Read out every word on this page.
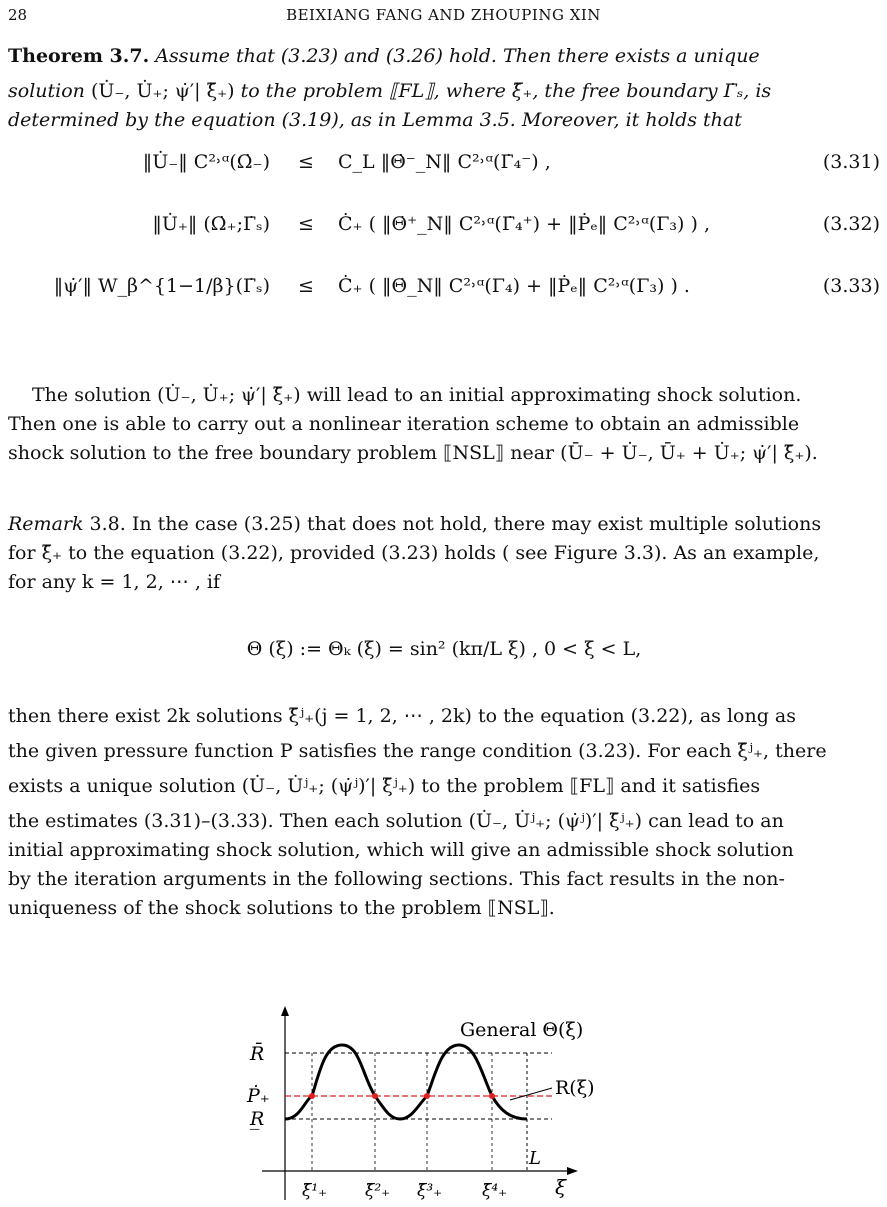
28	BEIXIANG FANG AND ZHOUPING XIN
Theorem 3.7. Assume that (3.23) and (3.26) hold. Then there exists a unique
solution (U̇₋, U̇₊; ψ̇′| ξ̄₊) to the problem ⟦FL⟧, where ξ̄₊, the free boundary Γ̇ₛ, is
determined by the equation (3.19), as in Lemma 3.5. Moreover, it holds that
‖U̇₋‖ C²˒ᵅ(Ω̇₋) ≤ C_L ‖Θ̇⁻_N‖ C²˒ᵅ(Γ̇₄⁻) ,	(3.31)
‖U̇₊‖ (Ω̇₊;Γ̇ₛ) ≤ Ċ₊ ( ‖Θ̇⁺_N‖ C²˒ᵅ(Γ̇₄⁺) + ‖Ṗₑ‖ C²˒ᵅ(Γ₃) ) ,	(3.32)
‖ψ̇′‖ W_β^{1−1/β}(Γ̇ₛ) ≤ Ċ₊ ( ‖Θ̇_N‖ C²˒ᵅ(Γ₄) + ‖Ṗₑ‖ C²˒ᵅ(Γ₃) ) .	(3.33)
The solution (U̇₋, U̇₊; ψ̇′| ξ̄₊) will lead to an initial approximating shock solution.
Then one is able to carry out a nonlinear iteration scheme to obtain an admissible
shock solution to the free boundary problem ⟦NSL⟧ near (Ū₋ + U̇₋, Ū₊ + U̇₊; ψ̇′| ξ̄₊).
Remark 3.8. In the case (3.25) that does not hold, there may exist multiple solutions
for ξ̄₊ to the equation (3.22), provided (3.23) holds ( see Figure 3.3). As an example,
for any k = 1, 2, ⋯ , if
Θ (ξ) := Θₖ (ξ) = sin² (kπ/L ξ) , 0 < ξ < L,
then there exist 2k solutions ξ̄ʲ₊(j = 1, 2, ⋯ , 2k) to the equation (3.22), as long as
the given pressure function P satisfies the range condition (3.23). For each ξ̄ʲ₊, there
exists a unique solution (U̇₋, U̇ʲ₊; (ψ̇ʲ)′| ξ̄ʲ₊) to the problem ⟦FL⟧ and it satisfies
the estimates (3.31)–(3.33). Then each solution (U̇₋, U̇ʲ₊; (ψ̇ʲ)′| ξ̄ʲ₊) can lead to an
initial approximating shock solution, which will give an admissible shock solution
by the iteration arguments in the following sections. This fact results in the non-
uniqueness of the shock solutions to the problem ⟦NSL⟧.
General Θ(ξ)
R(ξ)
R̄
Ṗ₊
R̲
L
ξ
ξ̄¹₊ ξ̄²₊ ξ̄³₊ ξ̄⁴₊
